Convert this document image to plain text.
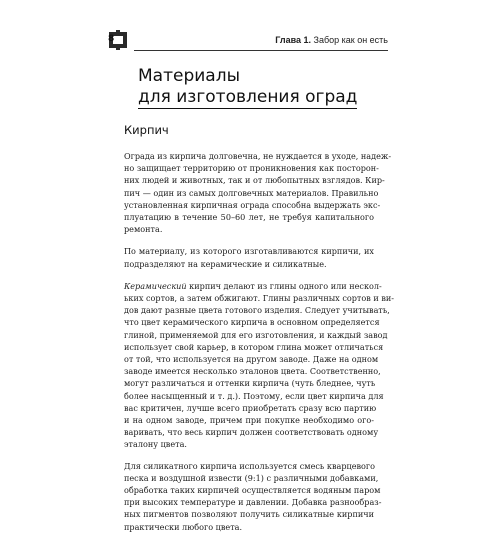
8	Глава 1. Забор как он есть
Материалы
для изготовления оград
Кирпич

Ограда из кирпича долговечна, не нуждается в уходе, надеж-
но защищает территорию от проникновения как посторон-
них людей и животных, так и от любопытных взглядов. Кир-
пич — один из самых долговечных материалов. Правильно
установленная кирпичная ограда способна выдержать экс-
плуатацию в течение 50–60 лет, не требуя капитального
ремонта.

По материалу, из которого изготавливаются кирпичи, их
подразделяют на керамические и силикатные.

Керамический кирпич делают из глины одного или нескол-
ьких сортов, а затем обжигают. Глины различных сортов и ви-
дов дают разные цвета готового изделия. Следует учитывать,
что цвет керамического кирпича в основном определяется
глиной, применяемой для его изготовления, и каждый завод
использует свой карьер, в котором глина может отличаться
от той, что используется на другом заводе. Даже на одном
заводе имеется несколько эталонов цвета. Соответственно,
могут различаться и оттенки кирпича (чуть бледнее, чуть
более насыщенный и т. д.). Поэтому, если цвет кирпича для
вас критичен, лучше всего приобретать сразу всю партию
и на одном заводе, причем при покупке необходимо ого-
варивать, что весь кирпич должен соответствовать одному
эталону цвета.

Для силикатного кирпича используется смесь кварцевого
песка и воздушной извести (9:1) с различными добавками,
обработка таких кирпичей осуществляется водяным паром
при высоких температуре и давлении. Добавка разнообраз-
ных пигментов позволяют получить силикатные кирпичи
практически любого цвета.
